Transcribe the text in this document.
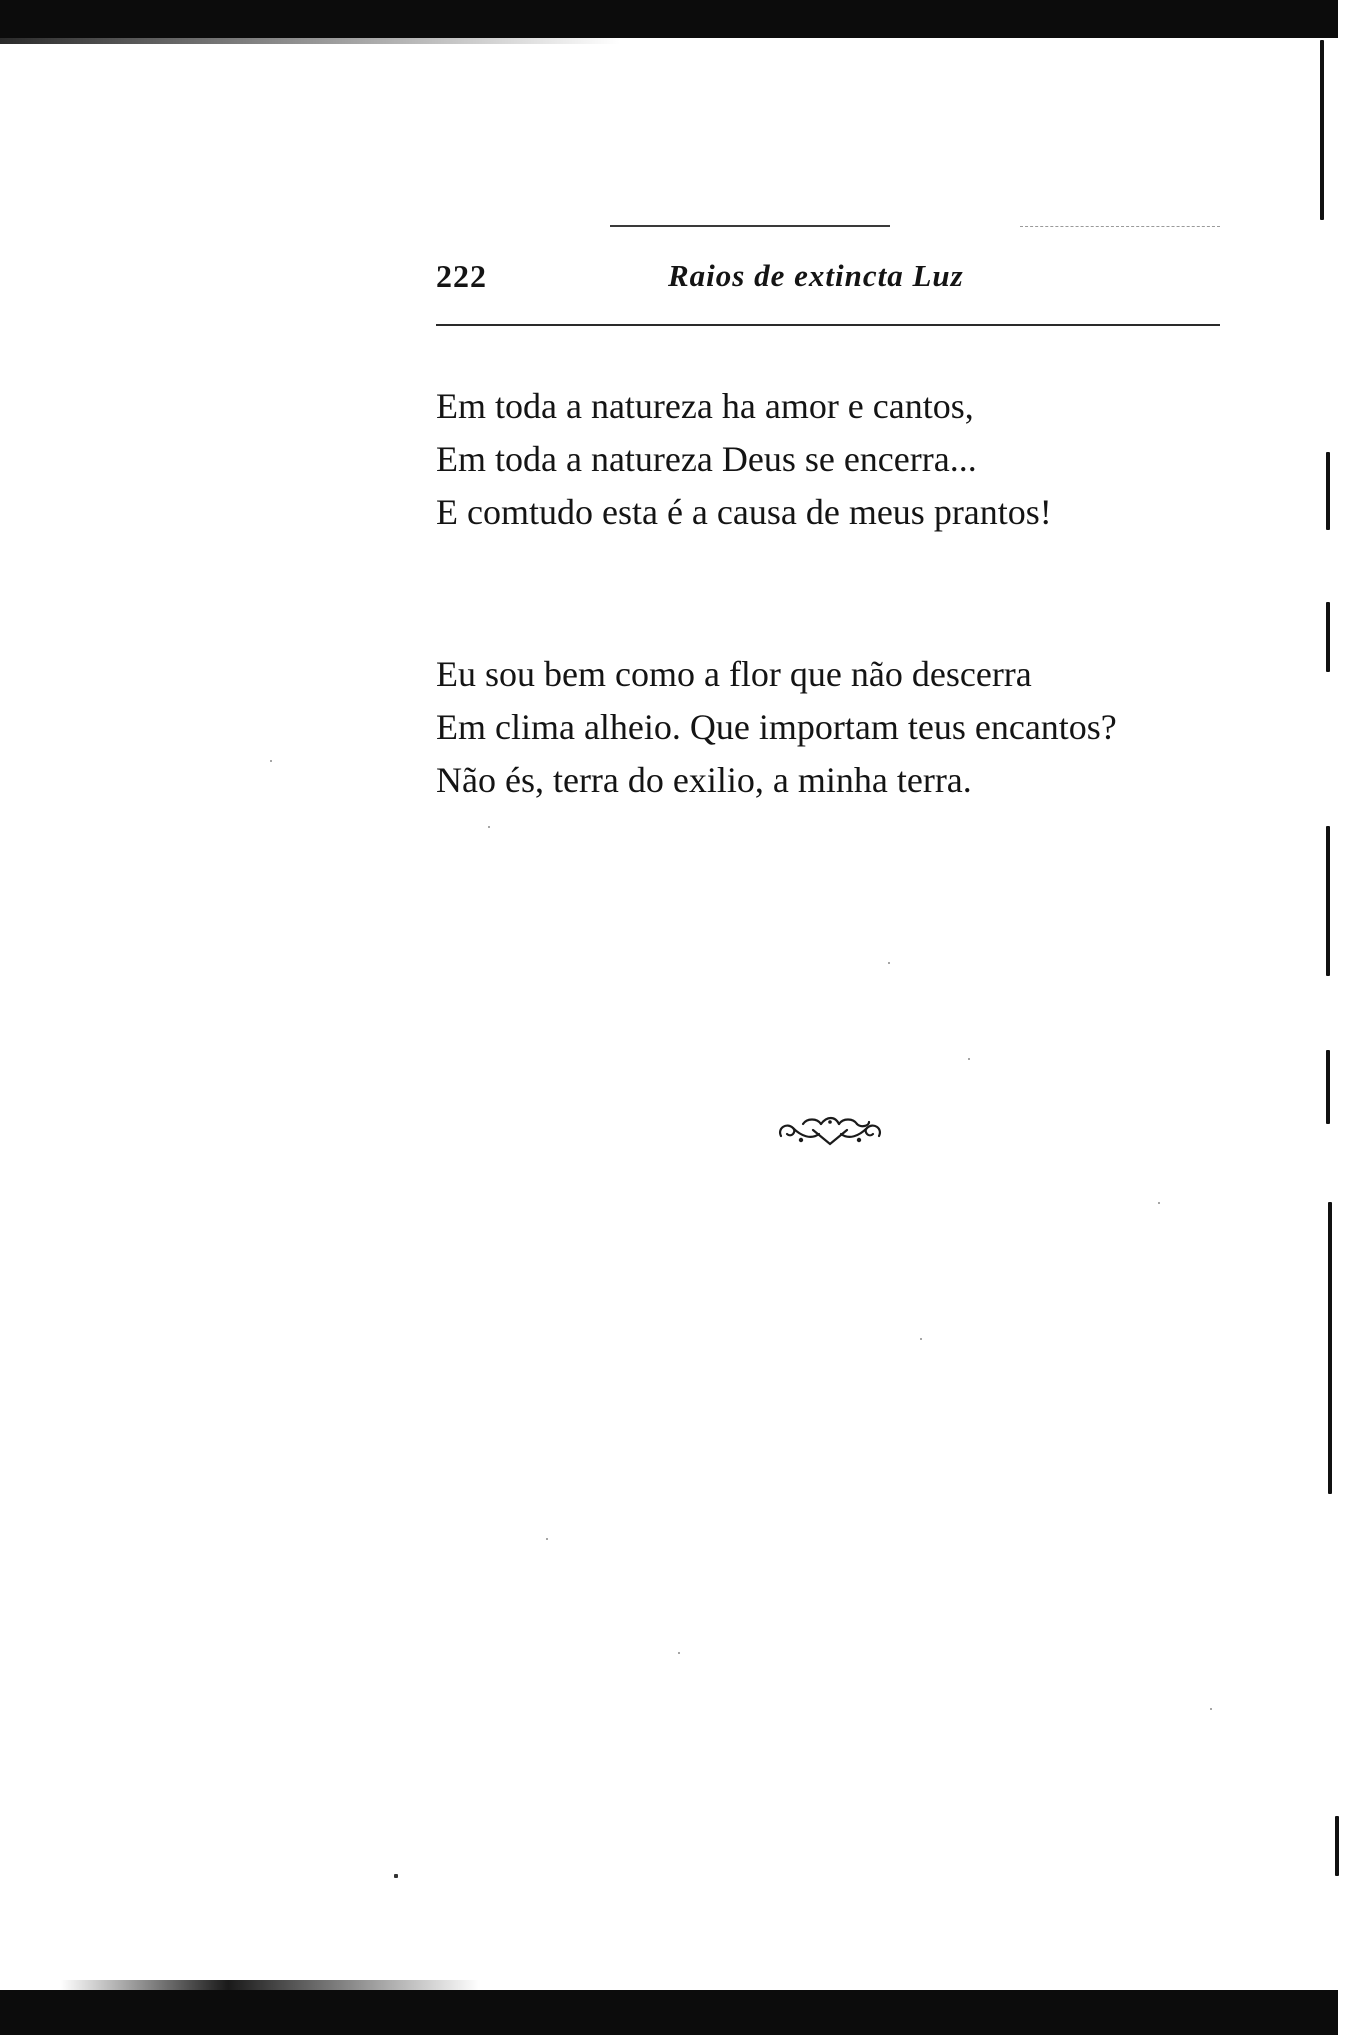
222	Raios de extincta Luz
Em toda a natureza ha amor e cantos,
Em toda a natureza Deus se encerra...
E comtudo esta é a causa de meus prantos!
Eu sou bem como a flor que não descerra
Em clima alheio. Que importam teus encantos?
Não és, terra do exilio, a minha terra.
